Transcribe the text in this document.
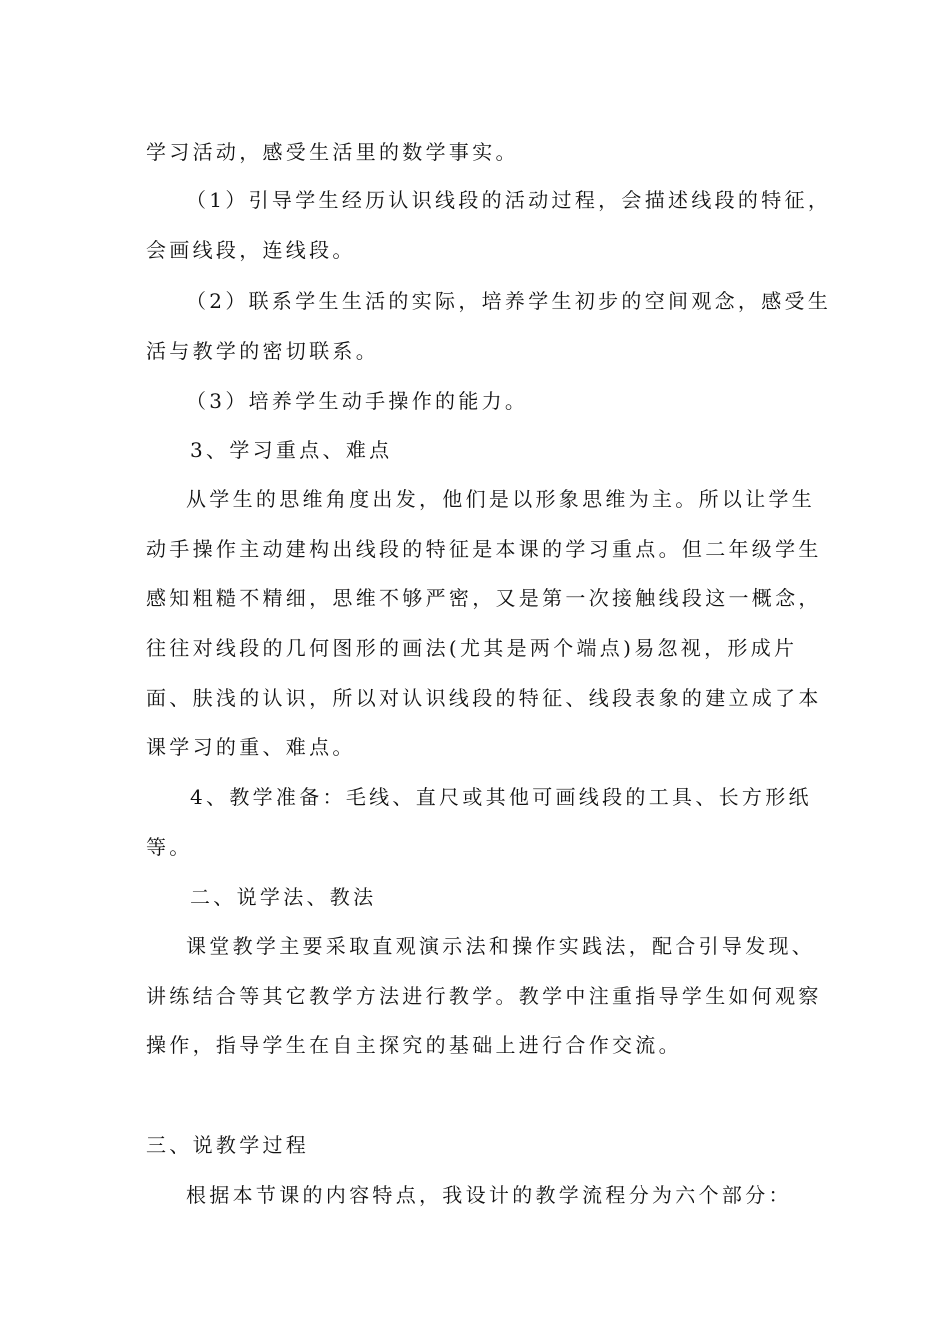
学习活动，感受生活里的数学事实。
（1）引导学生经历认识线段的活动过程，会描述线段的特征，
会画线段，连线段。
（2）联系学生生活的实际，培养学生初步的空间观念，感受生
活与教学的密切联系。
（3）培养学生动手操作的能力。
3、学习重点、难点
从学生的思维角度出发，他们是以形象思维为主。所以让学生
动手操作主动建构出线段的特征是本课的学习重点。但二年级学生
感知粗糙不精细，思维不够严密，又是第一次接触线段这一概念，
往往对线段的几何图形的画法(尤其是两个端点)易忽视，形成片
面、肤浅的认识，所以对认识线段的特征、线段表象的建立成了本
课学习的重、难点。
4、教学准备：毛线、直尺或其他可画线段的工具、长方形纸
等。
二、说学法、教法
课堂教学主要采取直观演示法和操作实践法，配合引导发现、
讲练结合等其它教学方法进行教学。教学中注重指导学生如何观察
操作，指导学生在自主探究的基础上进行合作交流。
三、说教学过程
根据本节课的内容特点，我设计的教学流程分为六个部分：
